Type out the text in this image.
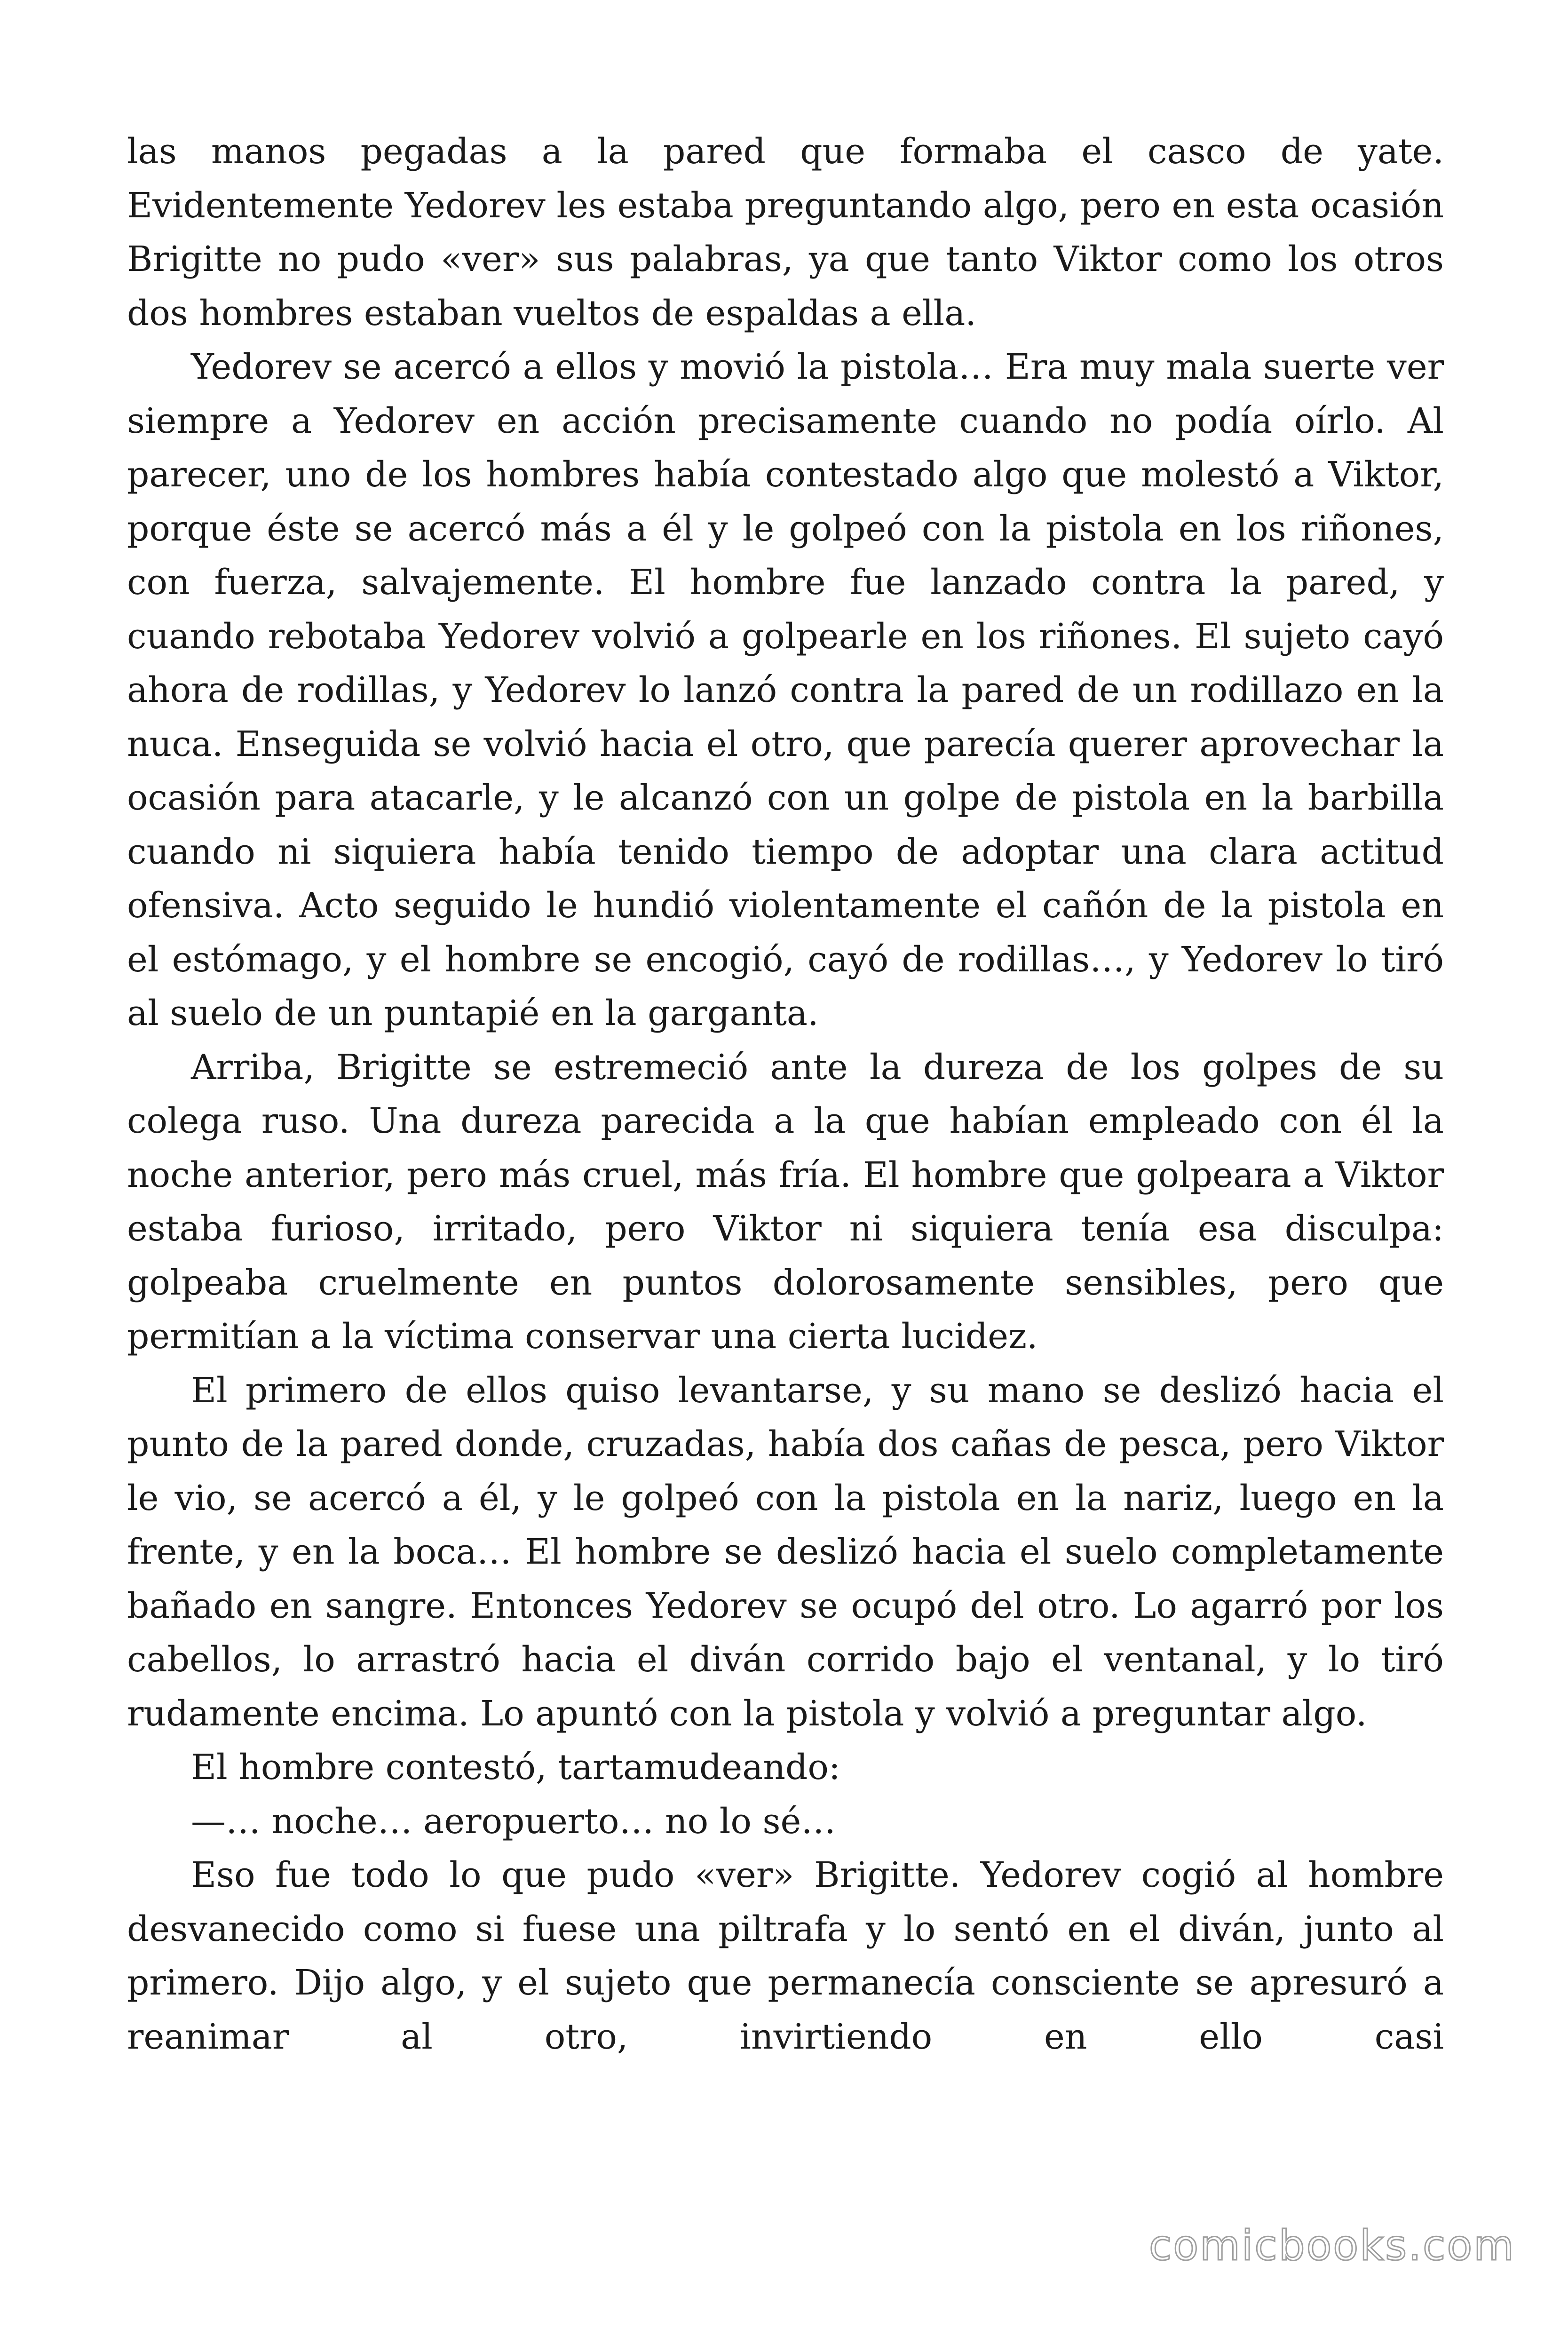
las manos pegadas a la pared que formaba el casco de yate. Evidentemente Yedorev les estaba preguntando algo, pero en esta ocasión Brigitte no pudo «ver» sus palabras, ya que tanto Viktor como los otros dos hombres estaban vueltos de espaldas a ella.

Yedorev se acercó a ellos y movió la pistola… Era muy mala suerte ver siempre a Yedorev en acción precisamente cuando no podía oírlo. Al parecer, uno de los hombres había contestado algo que molestó a Viktor, porque éste se acercó más a él y le golpeó con la pistola en los riñones, con fuerza, salvajemente. El hombre fue lanzado contra la pared, y cuando rebotaba Yedorev volvió a golpearle en los riñones. El sujeto cayó ahora de rodillas, y Yedorev lo lanzó contra la pared de un rodillazo en la nuca. Enseguida se volvió hacia el otro, que parecía querer aprovechar la ocasión para atacarle, y le alcanzó con un golpe de pistola en la barbilla cuando ni siquiera había tenido tiempo de adoptar una clara actitud ofensiva. Acto seguido le hundió violentamente el cañón de la pistola en el estómago, y el hombre se encogió, cayó de rodillas…, y Yedorev lo tiró al suelo de un puntapié en la garganta.

Arriba, Brigitte se estremeció ante la dureza de los golpes de su colega ruso. Una dureza parecida a la que habían empleado con él la noche anterior, pero más cruel, más fría. El hombre que golpeara a Viktor estaba furioso, irritado, pero Viktor ni siquiera tenía esa disculpa: golpeaba cruelmente en puntos dolorosamente sensibles, pero que permitían a la víctima conservar una cierta lucidez.

El primero de ellos quiso levantarse, y su mano se deslizó hacia el punto de la pared donde, cruzadas, había dos cañas de pesca, pero Viktor le vio, se acercó a él, y le golpeó con la pistola en la nariz, luego en la frente, y en la boca… El hombre se deslizó hacia el suelo completamente bañado en sangre. Entonces Yedorev se ocupó del otro. Lo agarró por los cabellos, lo arrastró hacia el diván corrido bajo el ventanal, y lo tiró rudamente encima. Lo apuntó con la pistola y volvió a preguntar algo.

El hombre contestó, tartamudeando:

—… noche… aeropuerto… no lo sé…

Eso fue todo lo que pudo «ver» Brigitte. Yedorev cogió al hombre desvanecido como si fuese una piltrafa y lo sentó en el diván, junto al primero. Dijo algo, y el sujeto que permanecía consciente se apresuró a reanimar al otro, invirtiendo en ello casi

comicbooks.com
